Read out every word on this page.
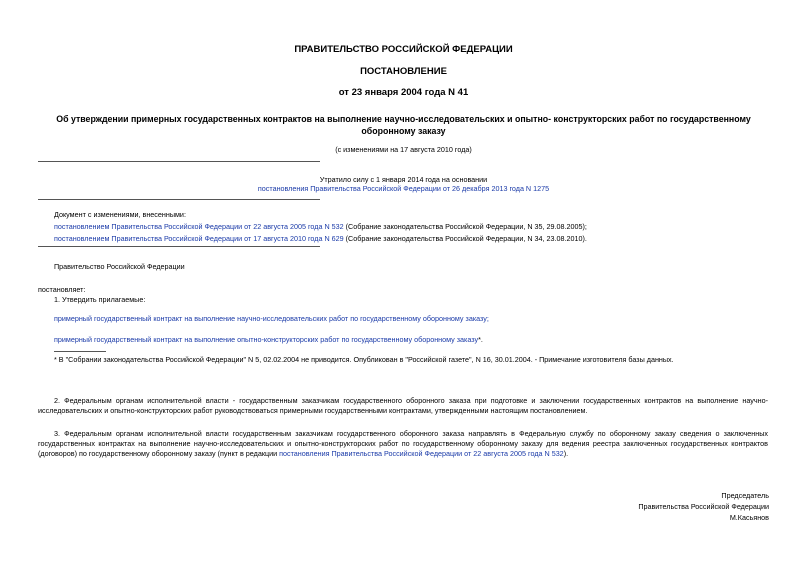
ПРАВИТЕЛЬСТВО РОССИЙСКОЙ ФЕДЕРАЦИИ
ПОСТАНОВЛЕНИЕ
от 23 января 2004 года N 41
Об утверждении примерных государственных контрактов на выполнение научно-исследовательских и опытно- конструкторских работ по государственному
оборонному заказу
(с изменениями на 17 августа 2010 года)
Утратило силу с 1 января 2014 года на основании
постановления Правительства Российской Федерации от 26 декабря 2013 года N 1275
Документ с изменениями, внесенными:
постановлением Правительства Российской Федерации от 22 августа 2005 года N 532 (Собрание законодательства Российской Федерации, N 35, 29.08.2005);
постановлением Правительства Российской Федерации от 17 августа 2010 года N 629 (Собрание законодательства Российской Федерации, N 34, 23.08.2010).
Правительство Российской Федерации
постановляет:
1. Утвердить прилагаемые:
примерный государственный контракт на выполнение научно-исследовательских работ по государственному оборонному заказу;
примерный государственный контракт на выполнение опытно-конструкторских работ по государственному оборонному заказу*.
* В "Собрании законодательства Российской Федерации" N 5, 02.02.2004 не приводится. Опубликован в "Российской газете", N 16, 30.01.2004. - Примечание изготовителя базы данных.
2. Федеральным органам исполнительной власти - государственным заказчикам государственного оборонного заказа при подготовке и заключении государственных контрактов на выполнение научно-исследовательских и опытно-конструкторских работ руководствоваться примерными государственными контрактами, утвержденными настоящим постановлением.
3. Федеральным органам исполнительной власти государственным заказчикам государственного оборонного заказа направлять в Федеральную службу по оборонному заказу сведения о заключенных государственных контрактах на выполнение научно-исследовательских и опытно-конструкторских работ по государственному оборонному заказу для ведения реестра заключенных государственных контрактов (договоров) по государственному оборонному заказу (пункт в редакции постановления Правительства Российской Федерации от 22 августа 2005 года N 532).
Председатель
Правительства Российской Федерации
М.Касьянов
